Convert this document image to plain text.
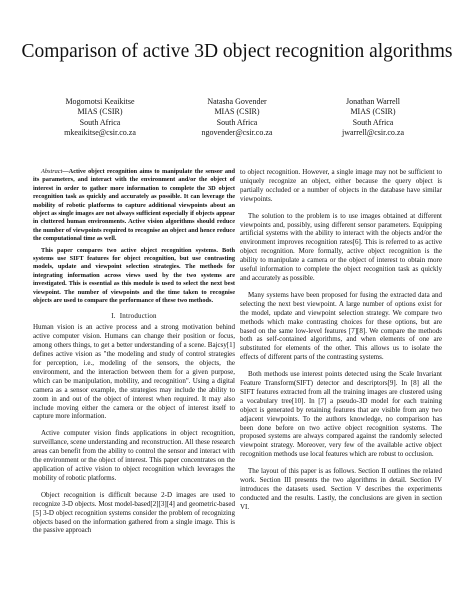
Comparison of active 3D object recognition algorithms
Mogomotsi Keaikitse
MIAS (CSIR)
South Africa
mkeaikitse@csir.co.za
Natasha Govender
MIAS (CSIR)
South Africa
ngovender@csir.co.za
Jonathan Warrell
MIAS (CSIR)
South Africa
jwarrell@csir.co.za

Abstract—Active object recognition aims to manipulate the sensor and its parameters, and interact with the environment and/or the object of interest in order to gather more information to complete the 3D object recognition task as quickly and accurately as possible. It can leverage the mobility of robotic platforms to capture additional viewpoints about an object as single images are not always sufficient especially if objects appear in cluttered human environments. Active vision algorithms should reduce the number of viewpoints required to recognise an object and hence reduce the computational time as well.

This paper compares two active object recognition systems. Both systems use SIFT features for object recognition, but use contrasting models, update and viewpoint selection strategies. The methods for integrating information across views used by the two systems are investigated. This is essential as this module is used to select the next best viewpoint. The number of viewpoints and the time taken to recognise objects are used to compare the performance of these two methods.

I. Introduction

Human vision is an active process and a strong motivation behind active computer vision. Humans can change their position or focus, among others things, to get a better understanding of a scene. Bajcsy[1] defines active vision as "the modeling and study of control strategies for perception, i.e., modeling of the sensors, the objects, the environment, and the interaction between them for a given purpose, which can be manipulation, mobility, and recognition". Using a digital camera as a sensor example, the strategies may include the ability to zoom in and out of the object of interest when required. It may also include moving either the camera or the object of interest itself to capture more information.

Active computer vision finds applications in object recognition, surveillance, scene understanding and reconstruction. All these research areas can benefit from the ability to control the sensor and interact with the environment or the object of interest. This paper concentrates on the application of active vision to object recognition which leverages the mobility of robotic platforms.

Object recognition is difficult because 2-D images are used to recognize 3-D objects. Most model-based[2][3][4] and geometric-based [5] 3-D object recognition systems consider the problem of recognizing objects based on the information gathered from a single image. This is the passive approach

to object recognition. However, a single image may not be sufficient to uniquely recognize an object, either because the query object is partially occluded or a number of objects in the database have similar viewpoints.

The solution to the problem is to use images obtained at different viewpoints and, possibly, using different sensor parameters. Equipping artificial systems with the ability to interact with the objects and/or the environment improves recognition rates[6]. This is referred to as active object recognition. More formally, active object recognition is the ability to manipulate a camera or the object of interest to obtain more useful information to complete the object recognition task as quickly and accurately as possible.

Many systems have been proposed for fusing the extracted data and selecting the next best viewpoint. A large number of options exist for the model, update and viewpoint selection strategy. We compare two methods which make contrasting choices for these options, but are based on the same low-level features [7][8]. We compare the methods both as self-contained algorithms, and when elements of one are substituted for elements of the other. This allows us to isolate the effects of different parts of the contrasting systems.

Both methods use interest points detected using the Scale Invariant Feature Transform(SIFT) detector and descriptors[9]. In [8] all the SIFT features extracted from all the training images are clustered using a vocabulary tree[10]. In [7] a pseudo-3D model for each training object is generated by retaining features that are visible from any two adjacent viewpoints. To the authors knowledge, no comparison has been done before on two active object recognition systems. The proposed systems are always compared against the randomly selected viewpoint strategy. Moreover, very few of the available active object recognition methods use local features which are robust to occlusion.

The layout of this paper is as follows. Section II outlines the related work. Section III presents the two algorithms in detail. Section IV introduces the datasets used. Section V describes the experiments conducted and the results. Lastly, the conclusions are given in section VI.
